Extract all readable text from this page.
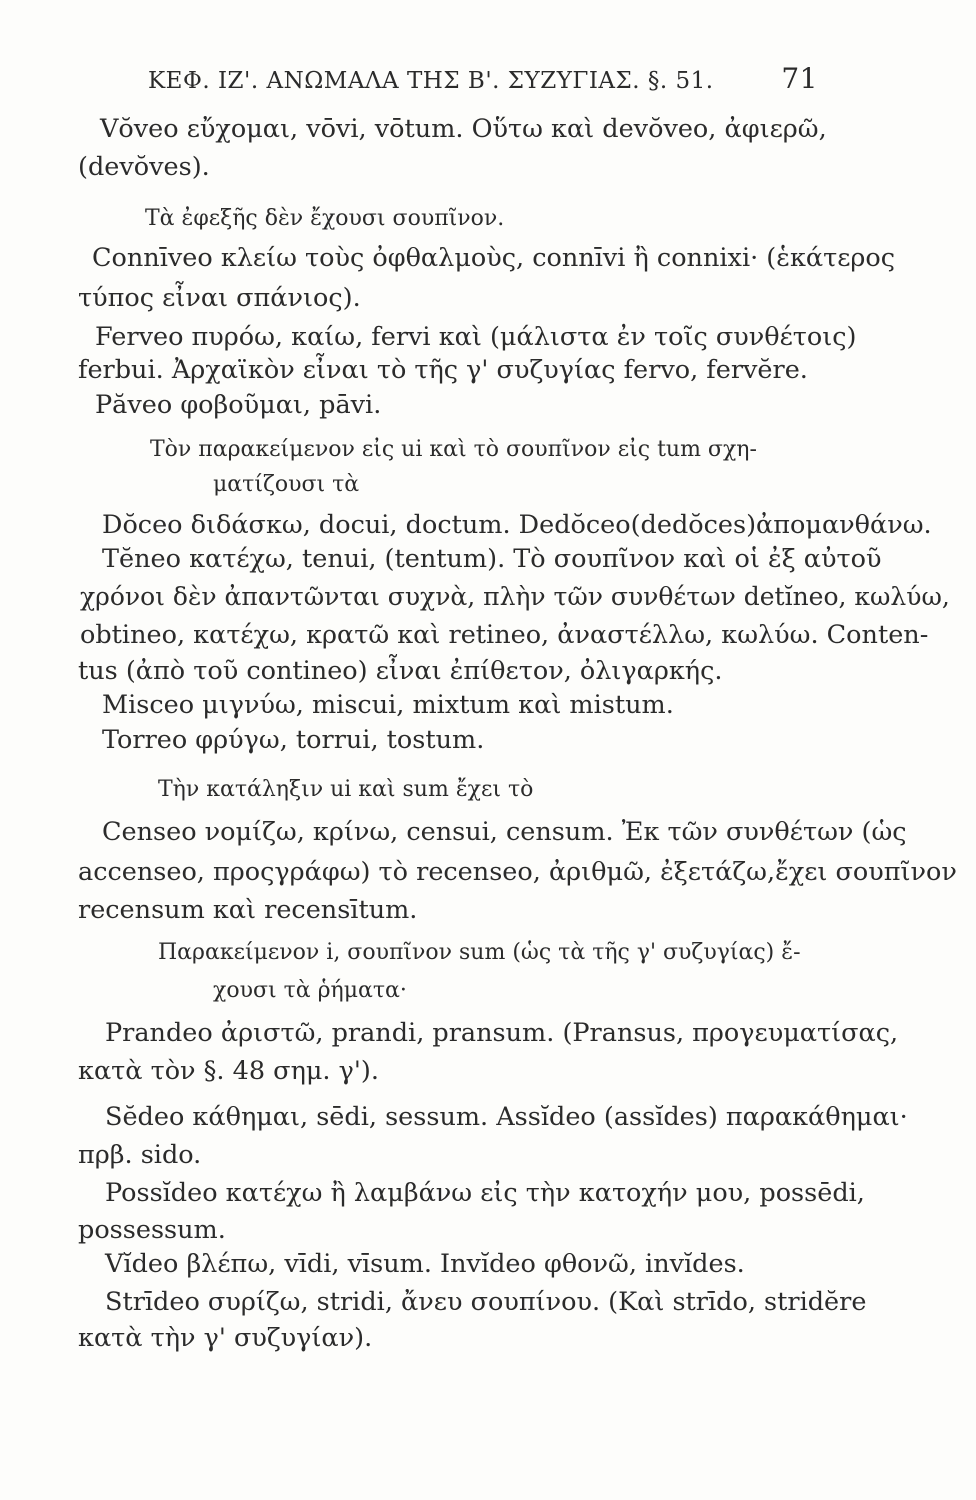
ΚΕΦ. ΙΖ'. ΑΝΩΜΑΛΑ ΤΗΣ Β'. ΣΥΖΥΓΙΑΣ. §. 51. 71
Vŏveo εὔχομαι, vōvi, vōtum. Οὕτω καὶ devŏveo, ἀφιερῶ,
(devŏves).
Τὰ ἐφεξῆς δὲν ἔχουσι σουπῖνον.
Connīveo κλείω τοὺς ὀφθαλμοὺς, connīvi ἢ connixi· (ἑκάτερος
τύπος εἶναι σπάνιος).
Ferveo πυρόω, καίω, fervi καὶ (μάλιστα ἐν τοῖς συνθέτοις)
ferbui. Ἀρχαϊκὸν εἶναι τὸ τῆς γ' συζυγίας fervo, fervĕre.
Păveo φοβοῦμαι, pāvi.
Τὸν παρακείμενον εἰς ui καὶ τὸ σουπῖνον εἰς tum σχη-
ματίζουσι τὰ
Dŏceo διδάσκω, docui, doctum. Dedŏceo(dedŏces)ἀπομανθάνω.
Tĕneo κατέχω, tenui, (tentum). Τὸ σουπῖνον καὶ οἱ ἐξ αὐτοῦ
χρόνοι δὲν ἀπαντῶνται συχνὰ, πλὴν τῶν συνθέτων detĭneo, κωλύω,
obtineo, κατέχω, κρατῶ καὶ retineo, ἀναστέλλω, κωλύω. Conten-
tus (ἀπὸ τοῦ contineo) εἶναι ἐπίθετον, ὀλιγαρκής.
Misceo μιγνύω, miscui, mixtum καὶ mistum.
Torreo φρύγω, torrui, tostum.
Τὴν κατάληξιν ui καὶ sum ἔχει τὸ
Censeo νομίζω, κρίνω, censui, censum. Ἐκ τῶν συνθέτων (ὡς
accenseo, προςγράφω) τὸ recenseo, ἀριθμῶ, ἐξετάζω,ἔχει σουπῖνον
recensum καὶ recensītum.
Παρακείμενον i, σουπῖνον sum (ὡς τὰ τῆς γ' συζυγίας) ἔ-
χουσι τὰ ῥήματα·
Prandeo ἀριστῶ, prandi, pransum. (Pransus, προγευματίσας,
κατὰ τὸν §. 48 σημ. γ').
Sĕdeo κάθημαι, sēdi, sessum. Assĭdeo (assĭdes) παρακάθημαι·
πρβ. sido.
Possĭdeo κατέχω ἢ λαμβάνω εἰς τὴν κατοχήν μου, possēdi,
possessum.
Vĭdeo βλέπω, vīdi, vīsum. Invĭdeo φθονῶ, invĭdes.
Strīdeo συρίζω, stridi, ἄνευ σουπίνου. (Καὶ strīdo, stridĕre
κατὰ τὴν γ' συζυγίαν).
